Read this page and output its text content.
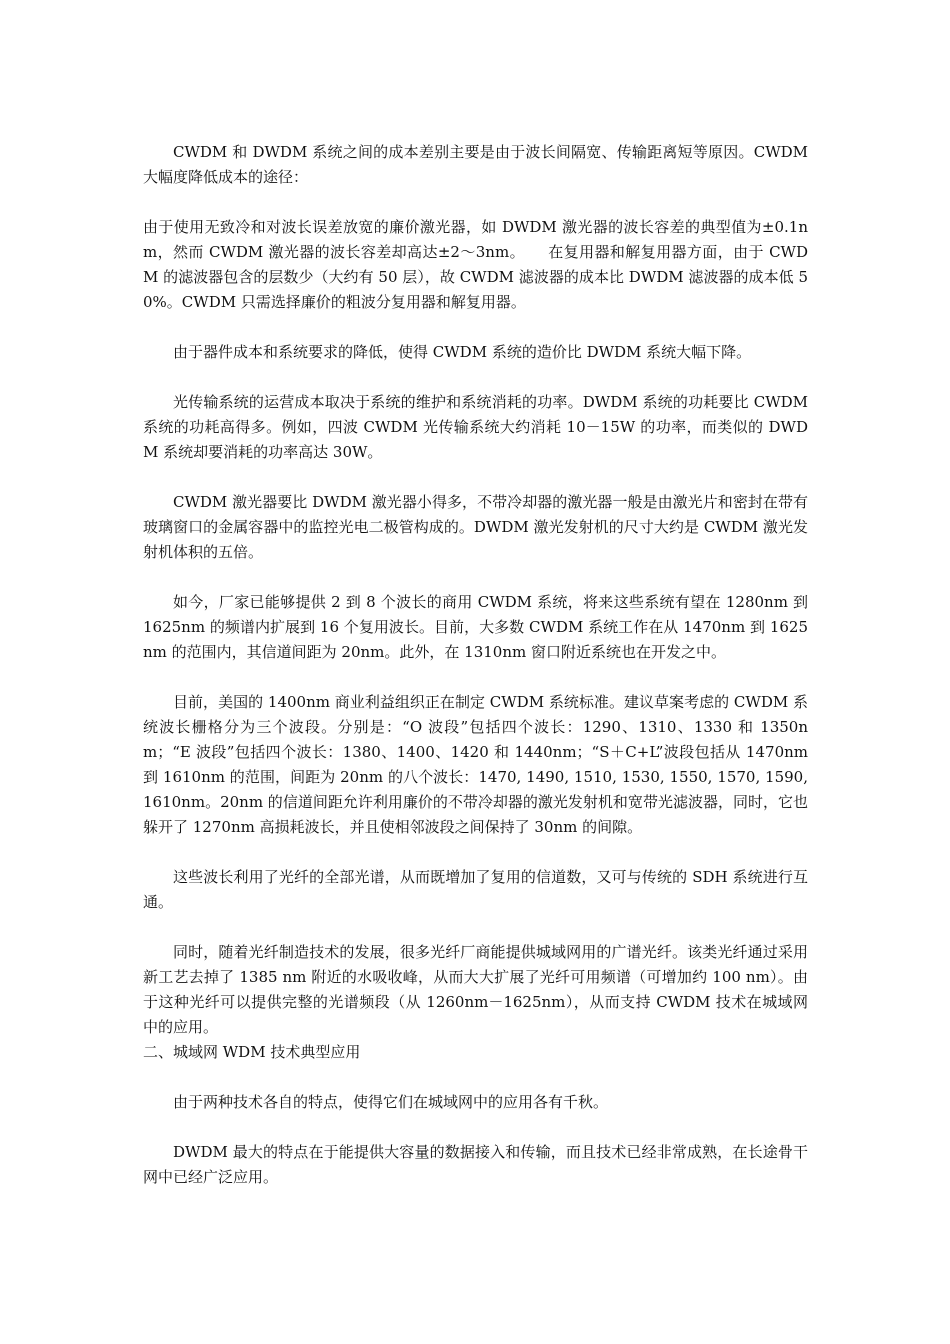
CWDM 和 DWDM 系统之间的成本差别主要是由于波长间隔宽、传输距离短等原因。CWDM 大幅度降低成本的途径：

由于使用无致冷和对波长误差放宽的廉价激光器，如 DWDM 激光器的波长容差的典型值为±0.1nm，然而 CWDM 激光器的波长容差却高达±2～3nm。　　在复用器和解复用器方面，由于 CWDM 的滤波器包含的层数少（大约有 50 层），故 CWDM 滤波器的成本比 DWDM 滤波器的成本低 50%。CWDM 只需选择廉价的粗波分复用器和解复用器。

由于器件成本和系统要求的降低，使得 CWDM 系统的造价比 DWDM 系统大幅下降。

光传输系统的运营成本取决于系统的维护和系统消耗的功率。DWDM 系统的功耗要比 CWDM 系统的功耗高得多。例如，四波 CWDM 光传输系统大约消耗 10－15W 的功率，而类似的 DWDM 系统却要消耗的功率高达 30W。

CWDM 激光器要比 DWDM 激光器小得多，不带冷却器的激光器一般是由激光片和密封在带有玻璃窗口的金属容器中的监控光电二极管构成的。DWDM 激光发射机的尺寸大约是 CWDM 激光发射机体积的五倍。

如今，厂家已能够提供 2 到 8 个波长的商用 CWDM 系统，将来这些系统有望在 1280nm 到 1625nm 的频谱内扩展到 16 个复用波长。目前，大多数 CWDM 系统工作在从 1470nm 到 1625nm 的范围内，其信道间距为 20nm。此外，在 1310nm 窗口附近系统也在开发之中。

目前，美国的 1400nm 商业利益组织正在制定 CWDM 系统标准。建议草案考虑的 CWDM 系统波长栅格分为三个波段。分别是：“O 波段”包括四个波长：1290、1310、1330 和 1350nm；“E 波段”包括四个波长：1380、1400、1420 和 1440nm；“S＋C+L”波段包括从 1470nm 到 1610nm 的范围，间距为 20nm 的八个波长：1470, 1490, 1510, 1530, 1550, 1570, 1590, 1610nm。20nm 的信道间距允许利用廉价的不带冷却器的激光发射机和宽带光滤波器，同时，它也躲开了 1270nm 高损耗波长，并且使相邻波段之间保持了 30nm 的间隙。

这些波长利用了光纤的全部光谱，从而既增加了复用的信道数，又可与传统的 SDH 系统进行互通。

同时，随着光纤制造技术的发展，很多光纤厂商能提供城域网用的广谱光纤。该类光纤通过采用新工艺去掉了 1385 nm 附近的水吸收峰，从而大大扩展了光纤可用频谱（可增加约 100 nm）。由于这种光纤可以提供完整的光谱频段（从 1260nm－1625nm），从而支持 CWDM 技术在城域网中的应用。

二、城域网 WDM 技术典型应用

由于两种技术各自的特点，使得它们在城域网中的应用各有千秋。

DWDM 最大的特点在于能提供大容量的数据接入和传输，而且技术已经非常成熟，在长途骨干网中已经广泛应用。
